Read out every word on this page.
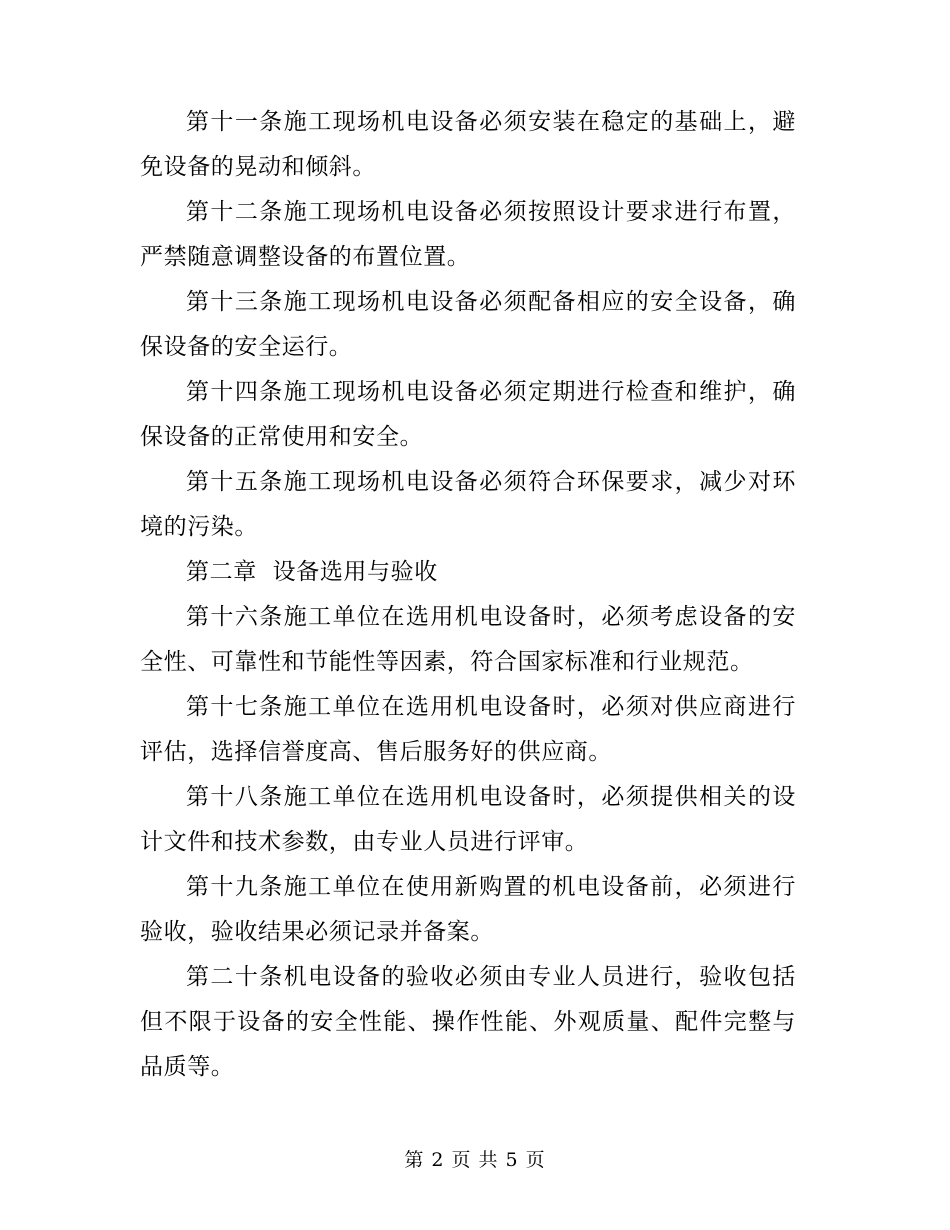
第十一条施工现场机电设备必须安装在稳定的基础上，避免设备的晃动和倾斜。

第十二条施工现场机电设备必须按照设计要求进行布置，严禁随意调整设备的布置位置。

第十三条施工现场机电设备必须配备相应的安全设备，确保设备的安全运行。

第十四条施工现场机电设备必须定期进行检查和维护，确保设备的正常使用和安全。

第十五条施工现场机电设备必须符合环保要求，减少对环境的污染。

第二章  设备选用与验收

第十六条施工单位在选用机电设备时，必须考虑设备的安全性、可靠性和节能性等因素，符合国家标准和行业规范。

第十七条施工单位在选用机电设备时，必须对供应商进行评估，选择信誉度高、售后服务好的供应商。

第十八条施工单位在选用机电设备时，必须提供相关的设计文件和技术参数，由专业人员进行评审。

第十九条施工单位在使用新购置的机电设备前，必须进行验收，验收结果必须记录并备案。

第二十条机电设备的验收必须由专业人员进行，验收包括但不限于设备的安全性能、操作性能、外观质量、配件完整与品质等。

第 2 页 共 5 页
